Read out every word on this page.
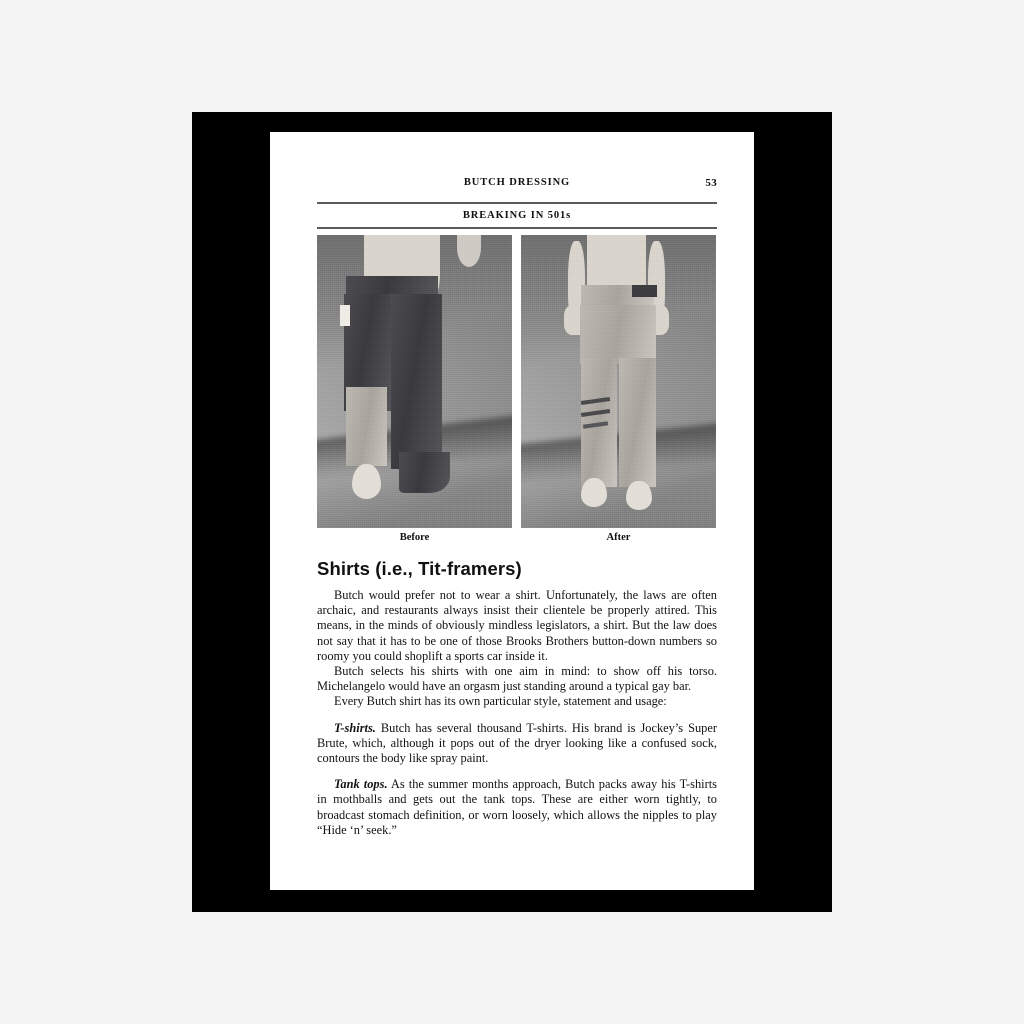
BUTCH DRESSING	53
BREAKING IN 501s
Before	After
Shirts (i.e., Tit-framers)

Butch would prefer not to wear a shirt. Unfortunately, the laws are often archaic, and restaurants always insist their clientele be properly attired. This means, in the minds of obviously mindless legislators, a shirt. But the law does not say that it has to be one of those Brooks Brothers button-down numbers so roomy you could shoplift a sports car inside it.

Butch selects his shirts with one aim in mind: to show off his torso. Michelangelo would have an orgasm just standing around a typical gay bar.

Every Butch shirt has its own particular style, statement and usage:

T-shirts. Butch has several thousand T-shirts. His brand is Jockey’s Super Brute, which, although it pops out of the dryer looking like a confused sock, contours the body like spray paint.

Tank tops. As the summer months approach, Butch packs away his T-shirts in mothballs and gets out the tank tops. These are either worn tightly, to broadcast stomach definition, or worn loosely, which allows the nipples to play “Hide ‘n’ seek.”
